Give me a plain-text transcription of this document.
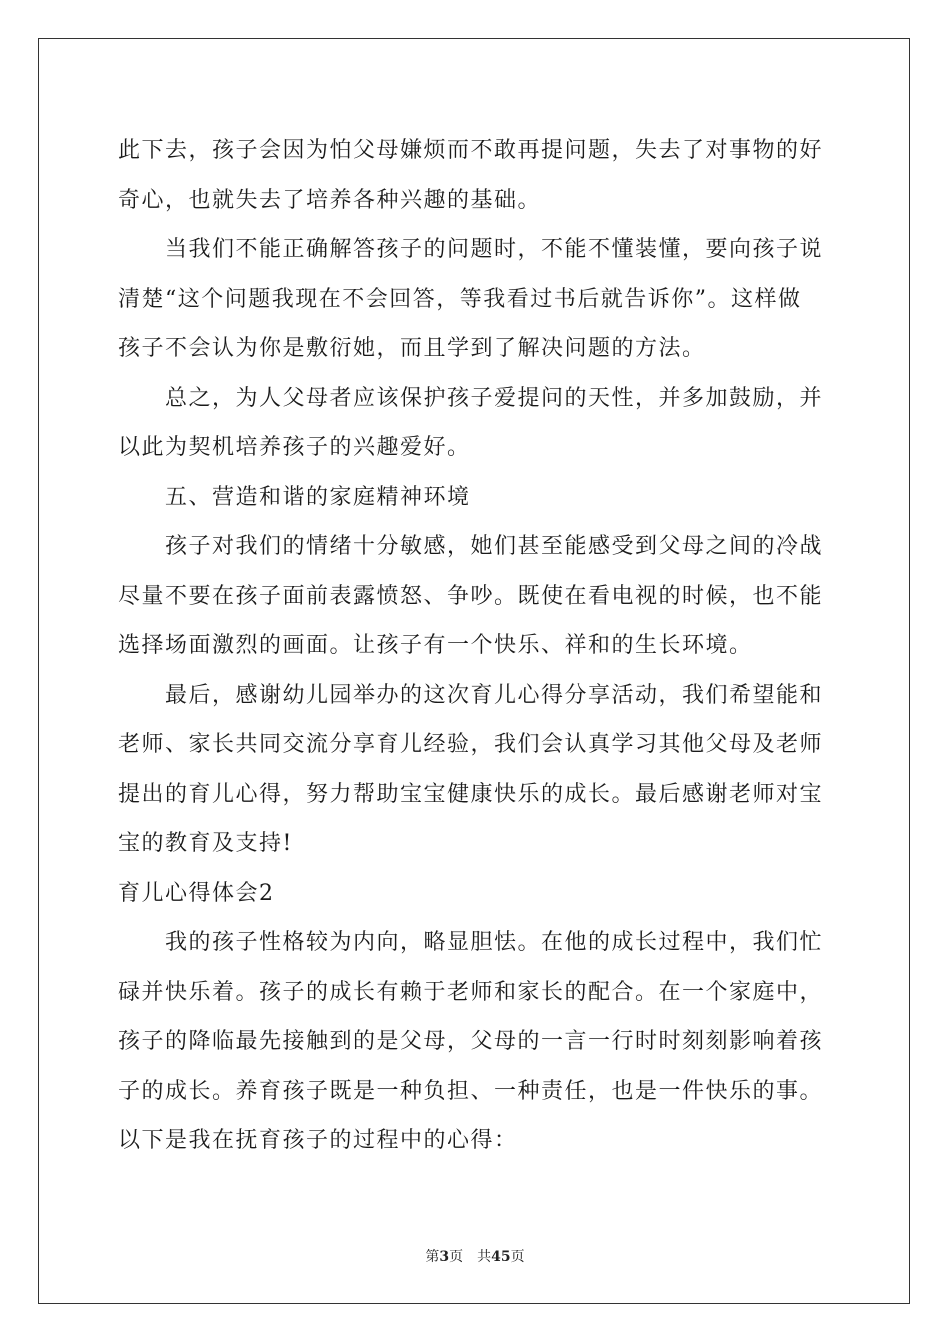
此下去，孩子会因为怕父母嫌烦而不敢再提问题，失去了对事物的好
奇心，也就失去了培养各种兴趣的基础。
当我们不能正确解答孩子的问题时，不能不懂装懂，要向孩子说
清楚“这个问题我现在不会回答，等我看过书后就告诉你”。这样做
孩子不会认为你是敷衍她，而且学到了解决问题的方法。
总之，为人父母者应该保护孩子爱提问的天性，并多加鼓励，并
以此为契机培养孩子的兴趣爱好。
五、营造和谐的家庭精神环境
孩子对我们的情绪十分敏感，她们甚至能感受到父母之间的冷战
尽量不要在孩子面前表露愤怒、争吵。既使在看电视的时候，也不能
选择场面激烈的画面。让孩子有一个快乐、祥和的生长环境。
最后，感谢幼儿园举办的这次育儿心得分享活动，我们希望能和
老师、家长共同交流分享育儿经验，我们会认真学习其他父母及老师
提出的育儿心得，努力帮助宝宝健康快乐的成长。最后感谢老师对宝
宝的教育及支持!
育儿心得体会2
我的孩子性格较为内向，略显胆怯。在他的成长过程中，我们忙
碌并快乐着。孩子的成长有赖于老师和家长的配合。在一个家庭中，
孩子的降临最先接触到的是父母，父母的一言一行时时刻刻影响着孩
子的成长。养育孩子既是一种负担、一种责任，也是一件快乐的事。
以下是我在抚育孩子的过程中的心得：
第3页 共45页
